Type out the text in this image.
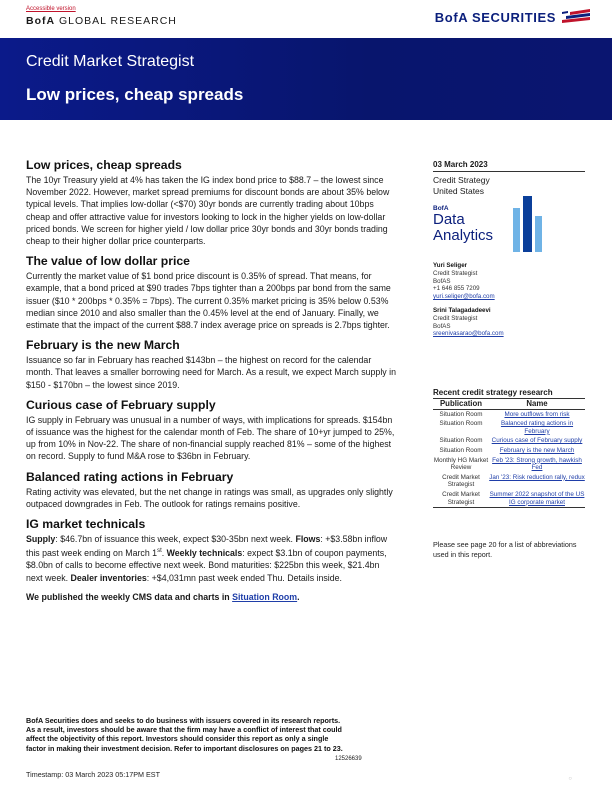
Accessible version
BofA GLOBAL RESEARCH	BofA SECURITIES
Credit Market Strategist
Low prices, cheap spreads
Low prices, cheap spreads

The 10yr Treasury yield at 4% has taken the IG index bond price to $88.7 – the lowest since November 2022. However, market spread premiums for discount bonds are about 35% below typical levels. That implies low-dollar (<$70) 30yr bonds are currently trading about 10bps cheap and offer attractive value for investors looking to lock in the higher yields on low-dollar priced bonds. We screen for higher yield / low dollar price 30yr bonds and 30yr bonds trading cheap to their higher dollar price counterparts.

The value of low dollar price

Currently the market value of $1 bond price discount is 0.35% of spread. That means, for example, that a bond priced at $90 trades 7bps tighter than a 200bps par bond from the same issuer ($10 * 200bps * 0.35% = 7bps). The current 0.35% market pricing is 35% below 0.53% median since 2010 and also smaller than the 0.45% level at the end of January. Finally, we estimate that the impact of the current $88.7 index average price on spreads is 2.7bps tighter.

February is the new March

Issuance so far in February has reached $143bn – the highest on record for the calendar month. That leaves a smaller borrowing need for March. As a result, we expect March supply in $150 - $170bn – the lowest since 2019.

Curious case of February supply

IG supply in February was unusual in a number of ways, with implications for spreads. $154bn of issuance was the highest for the calendar month of Feb. The share of 10+yr jumped to 25%, up from 10% in Nov-22. The share of non-financial supply reached 81% – some of the highest on record. Supply to fund M&A rose to $36bn in February.

Balanced rating actions in February

Rating activity was elevated, but the net change in ratings was small, as upgrades only slightly outpaced downgrades in Feb. The outlook for ratings remains positive.

IG market technicals

Supply: $46.7bn of issuance this week, expect $30-35bn next week. Flows: +$3.58bn inflow this past week ending on March 1st. Weekly technicals: expect $3.1bn of coupon payments, $8.0bn of calls to become effective next week. Bond maturities: $225bn this week, $21.4bn next week. Dealer inventories: +$4,031mn past week ended Thu. Details inside.

We published the weekly CMS data and charts in Situation Room.

03 March 2023
Credit Strategy
United States
BofA
Data
Analytics
Yuri Seliger
Credit Strategist
BofAS
+1 646 855 7209
yuri.seliger@bofa.com
Srini Talagadadeevi
Credit Strategist
BofAS
sreenivasarao@bofa.com
Recent credit strategy research
Publication	Name
Situation Room	More outflows from risk
Situation Room	Balanced rating actions in February
Situation Room	Curious case of February supply
Situation Room	February is the new March
Monthly HG Market Review	Feb '23: Strong growth, hawkish Fed
Credit Market Strategist	Jan '23: Risk reduction rally, redux
Credit Market Strategist	Summer 2022 snapshot of the US IG corporate market
Please see page 20 for a list of abbreviations used in this report.
BofA Securities does and seeks to do business with issuers covered in its research reports. As a result, investors should be aware that the firm may have a conflict of interest that could affect the objectivity of this report. Investors should consider this report as only a single factor in making their investment decision. Refer to important disclosures on pages 21 to 23.
12526639
Timestamp: 03 March 2023 05:17PM EST	○
